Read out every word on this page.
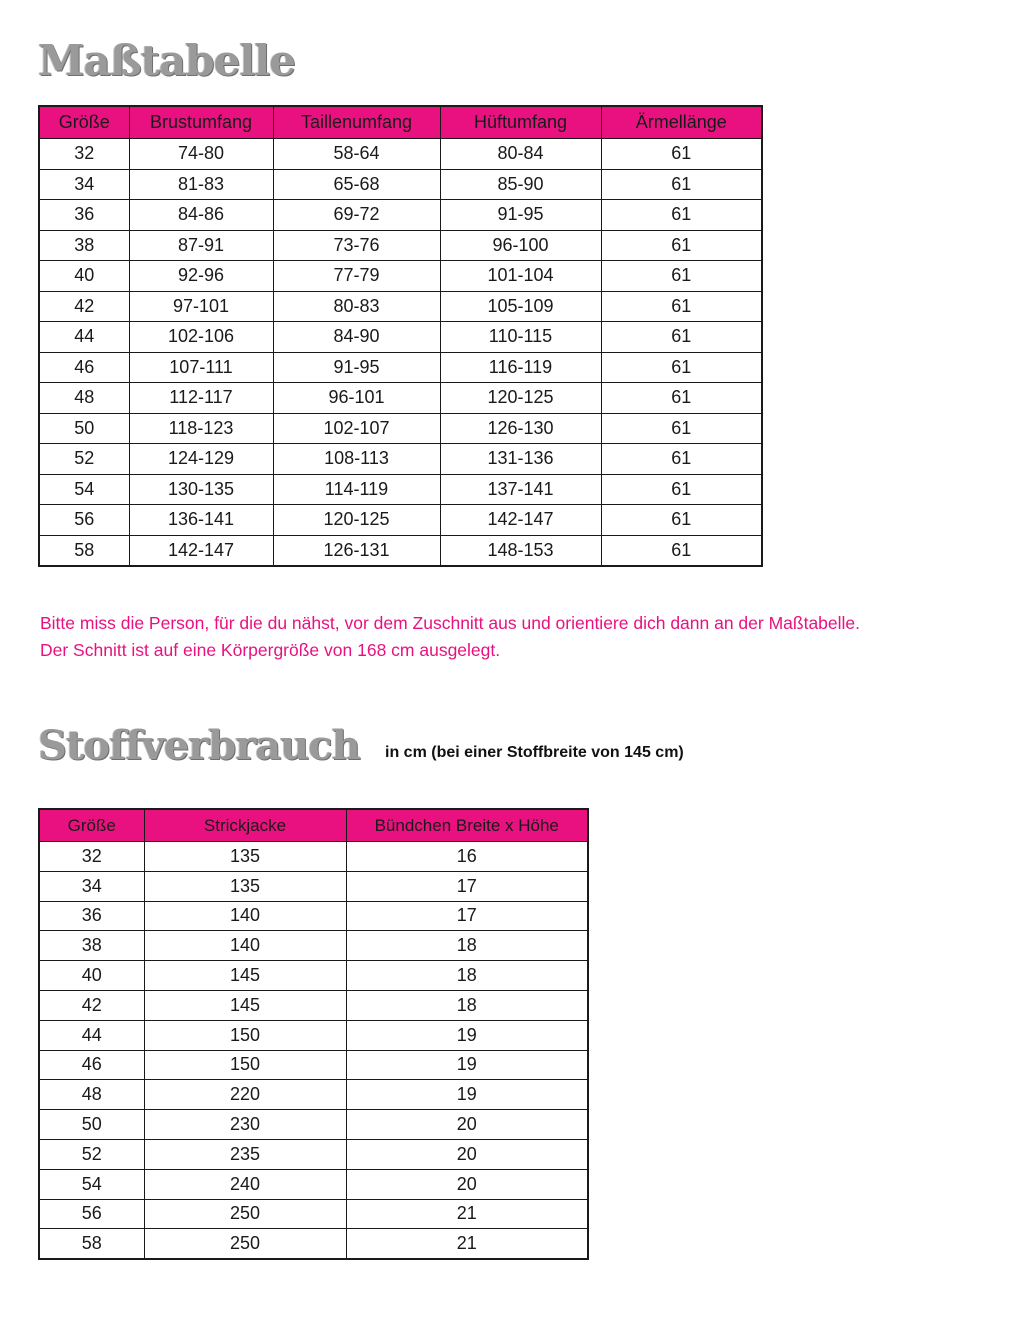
Maßtabelle
Größe	Brustumfang	Taillenumfang	Hüftumfang	Ärmellänge
32	74-80	58-64	80-84	61
34	81-83	65-68	85-90	61
36	84-86	69-72	91-95	61
38	87-91	73-76	96-100	61
40	92-96	77-79	101-104	61
42	97-101	80-83	105-109	61
44	102-106	84-90	110-115	61
46	107-111	91-95	116-119	61
48	112-117	96-101	120-125	61
50	118-123	102-107	126-130	61
52	124-129	108-113	131-136	61
54	130-135	114-119	137-141	61
56	136-141	120-125	142-147	61
58	142-147	126-131	148-153	61

Bitte miss die Person, für die du nähst, vor dem Zuschnitt aus und orientiere dich dann an der Maßtabelle.

Der Schnitt ist auf eine Körpergröße von 168 cm ausgelegt.

Stoffverbrauch in cm (bei einer Stoffbreite von 145 cm)
Größe	Strickjacke	Bündchen Breite x Höhe
32	135	16
34	135	17
36	140	17
38	140	18
40	145	18
42	145	18
44	150	19
46	150	19
48	220	19
50	230	20
52	235	20
54	240	20
56	250	21
58	250	21
